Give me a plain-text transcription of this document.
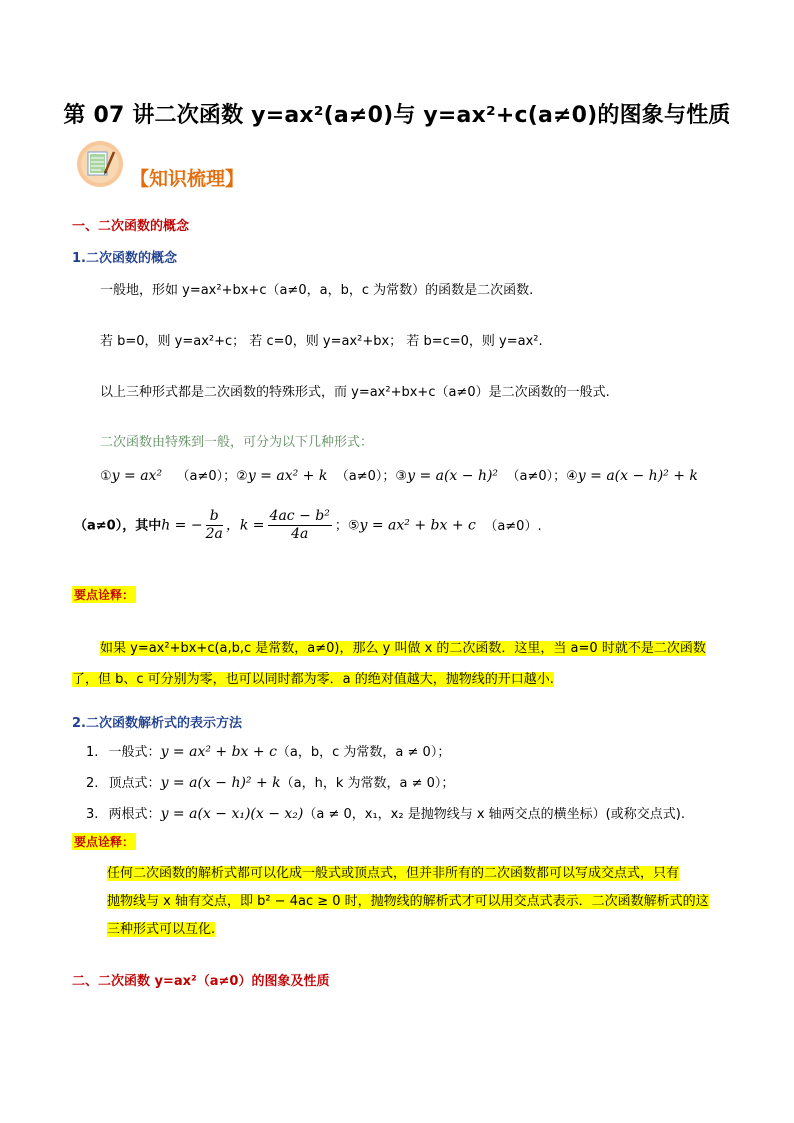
第 07 讲二次函数 y=ax²(a≠0)与 y=ax²+c(a≠0)的图象与性质
【知识梳理】
一、二次函数的概念
1.二次函数的概念
一般地，形如 y=ax²+bx+c（a≠0，a，b，c 为常数）的函数是二次函数.
若 b=0，则 y=ax²+c； 若 c=0，则 y=ax²+bx； 若 b=c=0，则 y=ax².
以上三种形式都是二次函数的特殊形式，而 y=ax²+bx+c（a≠0）是二次函数的一般式.
二次函数由特殊到一般，可分为以下几种形式：
①y = ax² （a≠0）；②y = ax² + k （a≠0）；③y = a(x − h)² （a≠0）；④y = a(x − h)² + k
（a≠0），其中h = − $\frac{b}{2a}$ ，$k = \frac{\text{4ac − b²}}{4a}$ ；⑤y = ax² + bx + c （a≠0）.
要点诠释：
如果 y=ax²+bx+c(a,b,c 是常数，a≠0)，那么 y 叫做 x 的二次函数．这里，当 a=0 时就不是二次函数
了，但 b、c 可分别为零，也可以同时都为零．a 的绝对值越大，抛物线的开口越小.
2.二次函数解析式的表示方法
1. 一般式：y = ax² + bx + c（a，b，c 为常数，a ≠ 0）；
2. 顶点式：y = a(x − h)² + k（a，h，k 为常数，a ≠ 0）；
3. 两根式：y = a(x − x₁)(x − x₂)（a ≠ 0，x₁，x₂ 是抛物线与 x 轴两交点的横坐标）(或称交点式).
要点诠释：
任何二次函数的解析式都可以化成一般式或顶点式，但并非所有的二次函数都可以写成交点式，只有
抛物线与 x 轴有交点，即 b² − 4ac ≥ 0 时，抛物线的解析式才可以用交点式表示．二次函数解析式的这
三种形式可以互化.
二、二次函数 y=ax²（a≠0）的图象及性质
